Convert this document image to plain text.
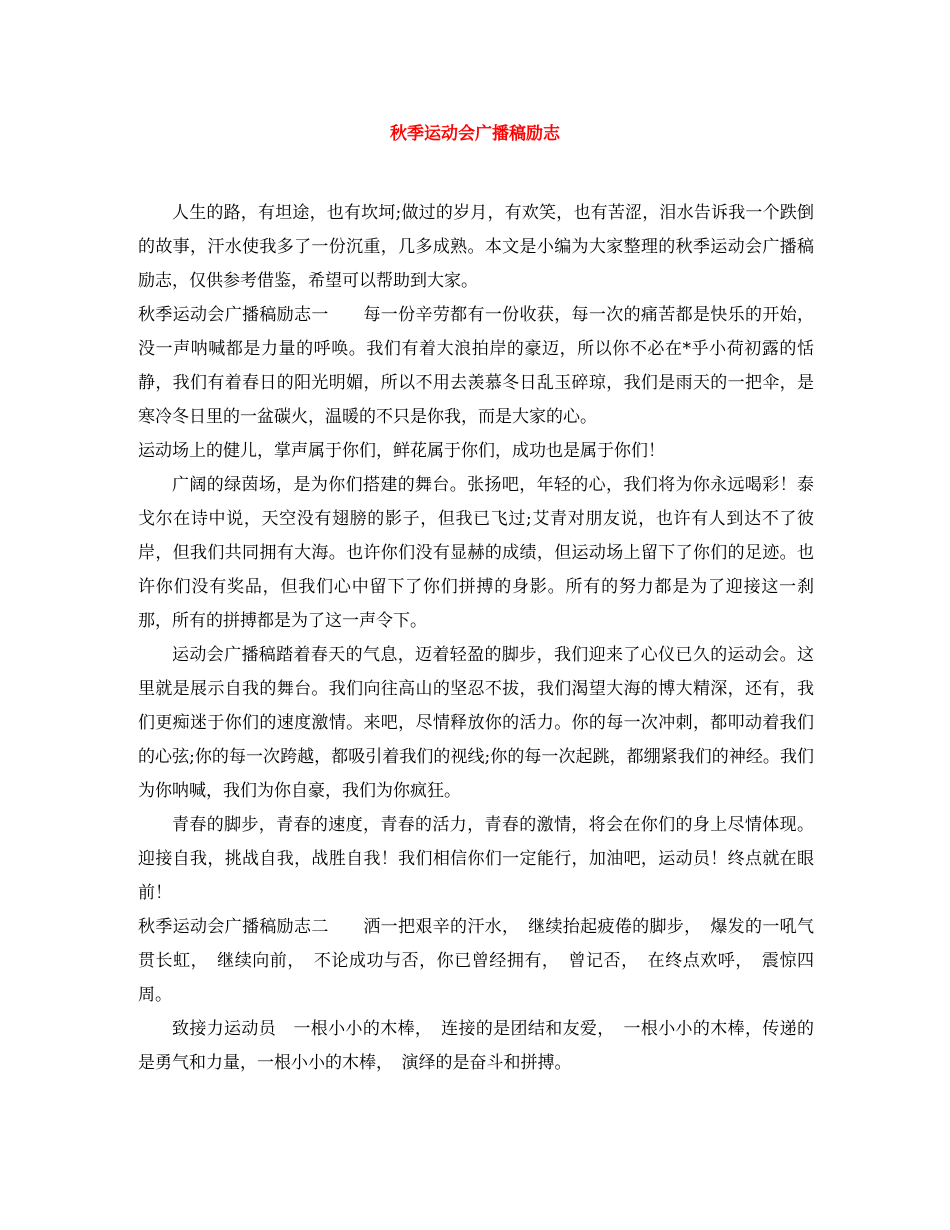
秋季运动会广播稿励志

人生的路，有坦途，也有坎坷;做过的岁月，有欢笑，也有苦涩，泪水告诉我一个跌倒的故事，汗水使我多了一份沉重，几多成熟。本文是小编为大家整理的秋季运动会广播稿励志，仅供参考借鉴，希望可以帮助到大家。

秋季运动会广播稿励志一　　每一份辛劳都有一份收获，每一次的痛苦都是快乐的开始，没一声呐喊都是力量的呼唤。我们有着大浪拍岸的豪迈，所以你不必在*乎小荷初露的恬静，我们有着春日的阳光明媚，所以不用去羡慕冬日乱玉碎琼，我们是雨天的一把伞，是寒冷冬日里的一盆碳火，温暖的不只是你我，而是大家的心。

运动场上的健儿，掌声属于你们，鲜花属于你们，成功也是属于你们！

广阔的绿茵场，是为你们搭建的舞台。张扬吧，年轻的心，我们将为你永远喝彩！泰戈尔在诗中说，天空没有翅膀的影子，但我已飞过;艾青对朋友说，也许有人到达不了彼岸，但我们共同拥有大海。也许你们没有显赫的成绩，但运动场上留下了你们的足迹。也许你们没有奖品，但我们心中留下了你们拼搏的身影。所有的努力都是为了迎接这一刹那，所有的拼搏都是为了这一声令下。

运动会广播稿踏着春天的气息，迈着轻盈的脚步，我们迎来了心仪已久的运动会。这里就是展示自我的舞台。我们向往高山的坚忍不拔，我们渴望大海的博大精深，还有，我们更痴迷于你们的速度激情。来吧，尽情释放你的活力。你的每一次冲刺，都叩动着我们的心弦;你的每一次跨越，都吸引着我们的视线;你的每一次起跳，都绷紧我们的神经。我们为你呐喊，我们为你自豪，我们为你疯狂。

青春的脚步，青春的速度，青春的活力，青春的激情，将会在你们的身上尽情体现。迎接自我，挑战自我，战胜自我！我们相信你们一定能行，加油吧，运动员！终点就在眼前！

秋季运动会广播稿励志二　　洒一把艰辛的汗水，　继续抬起疲倦的脚步，　爆发的一吼气贯长虹，　继续向前，　不论成功与否，你已曾经拥有，　曾记否，　在终点欢呼，　震惊四周。

致接力运动员　一根小小的木棒，　连接的是团结和友爱，　一根小小的木棒，传递的是勇气和力量，一根小小的木棒，　演绎的是奋斗和拼搏。
